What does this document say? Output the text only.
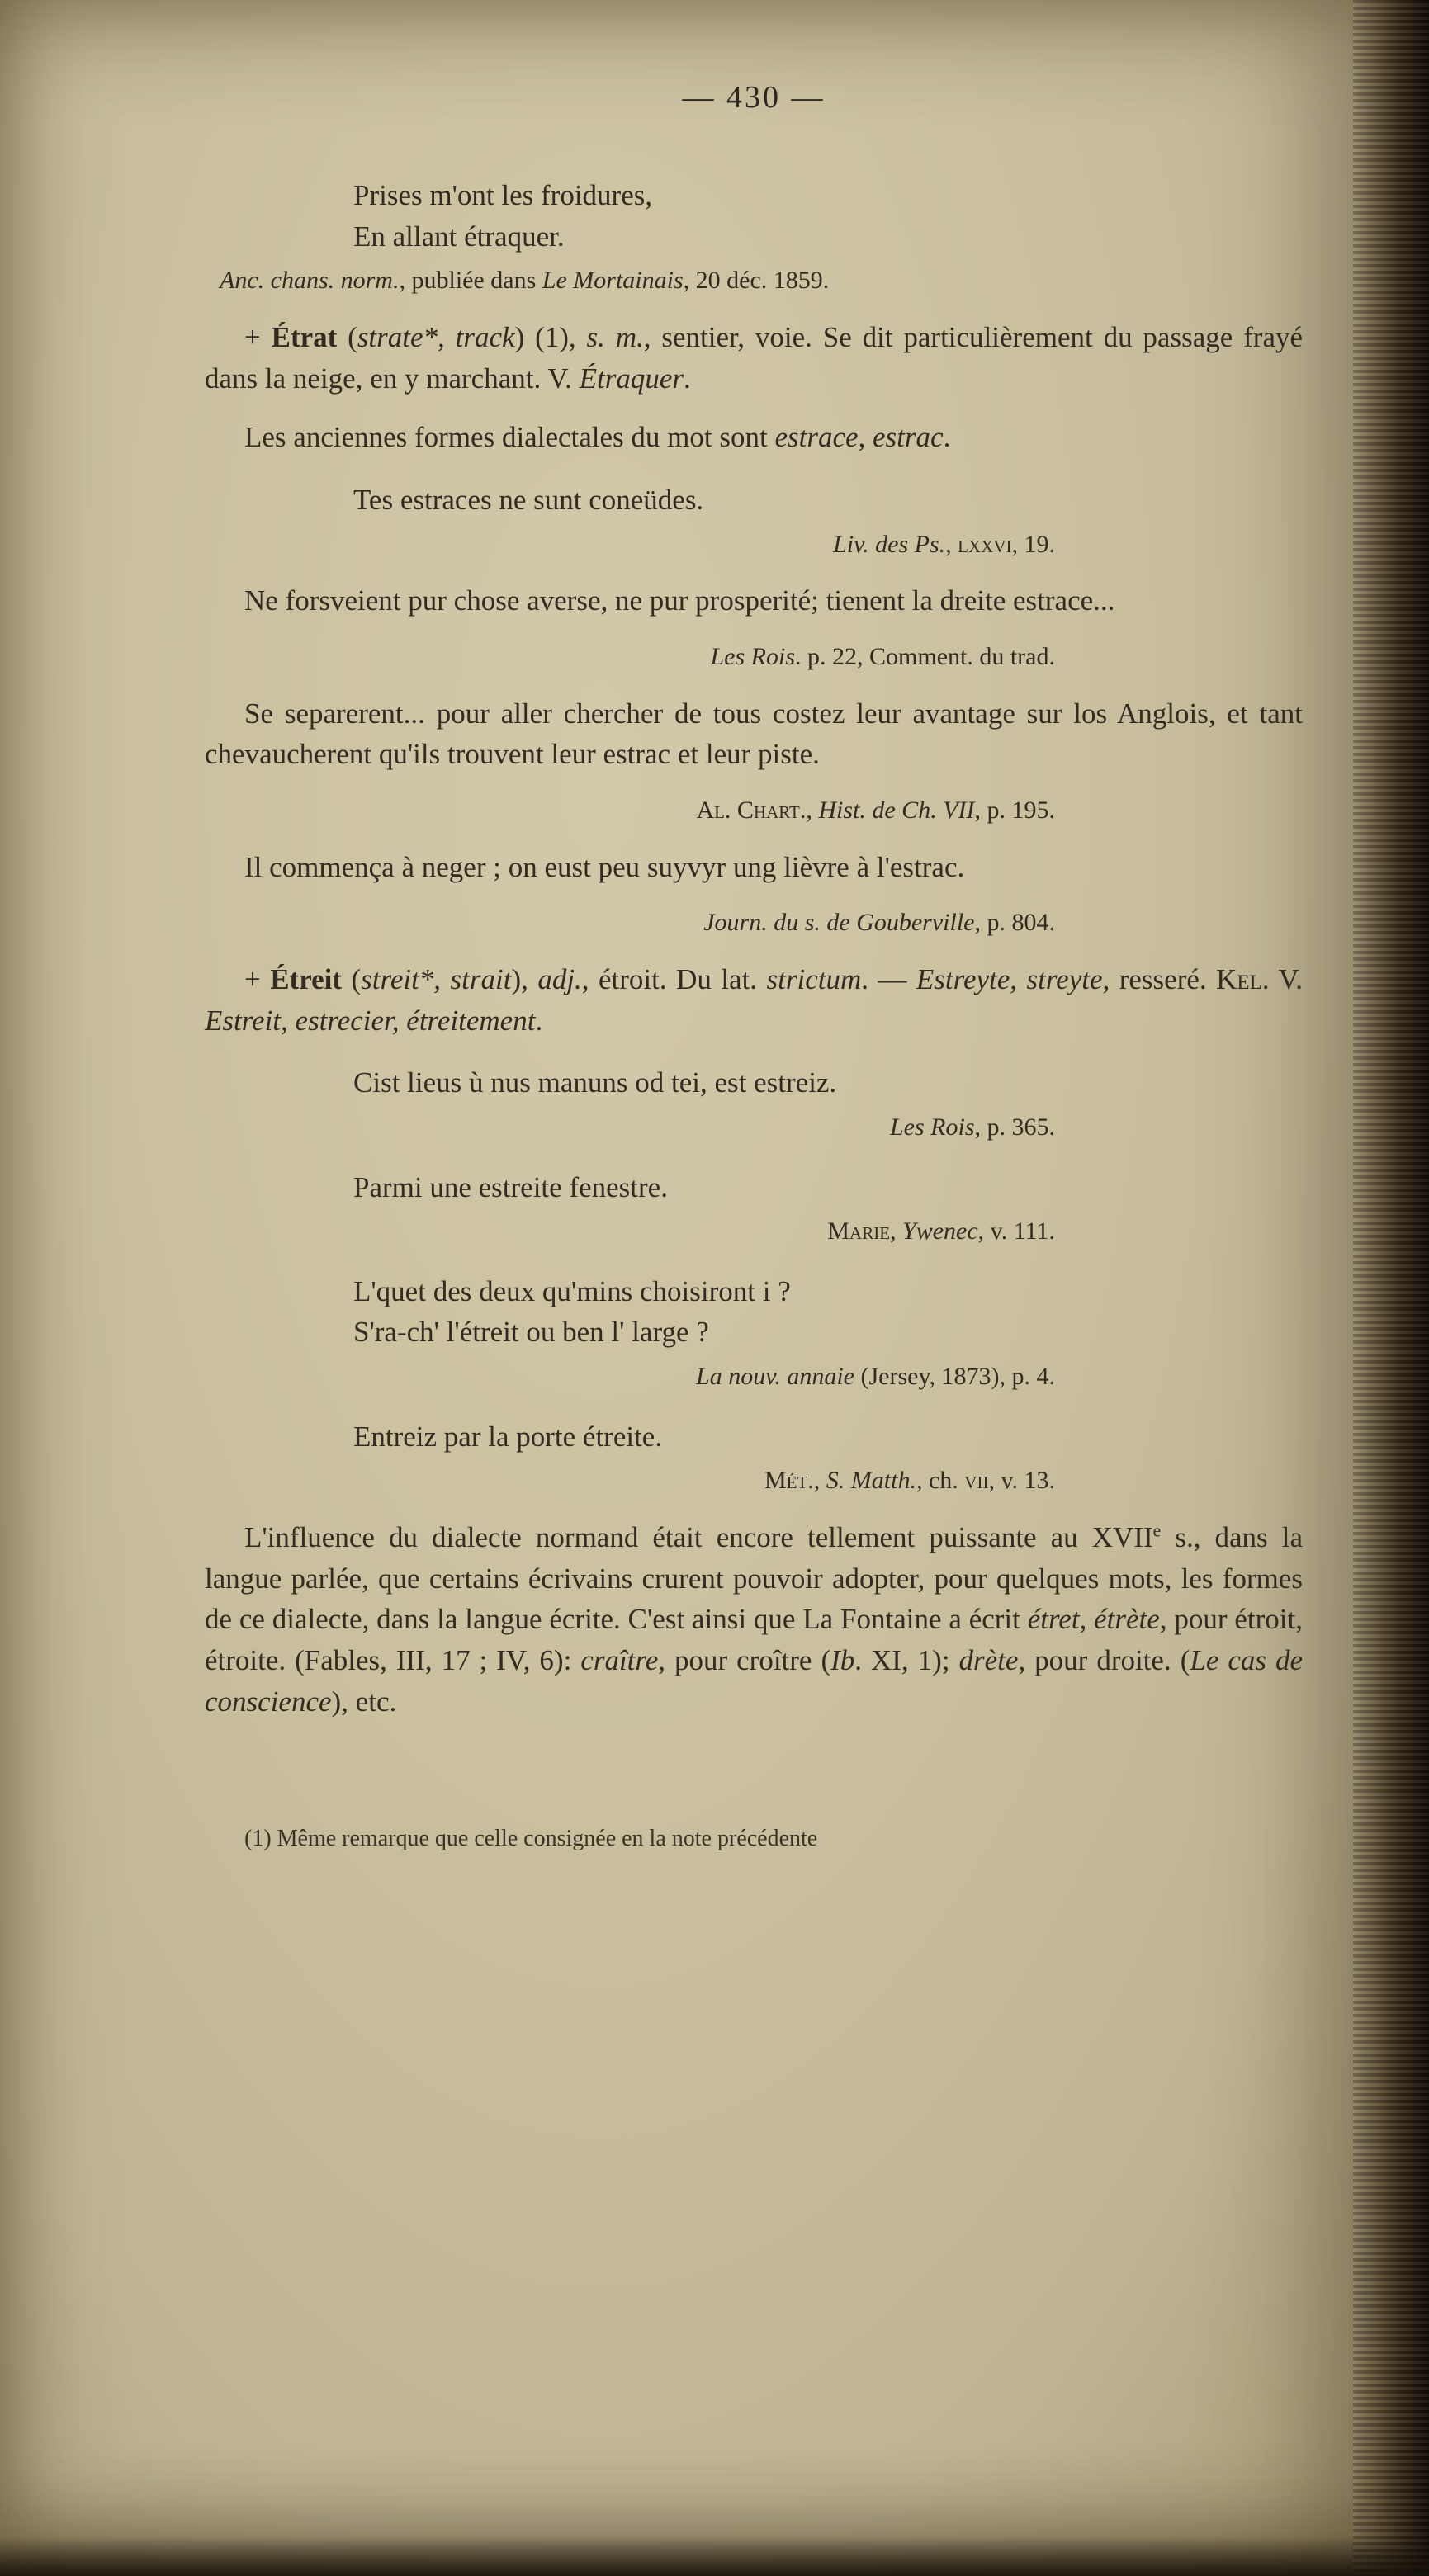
— 430 —
Prises m'ont les froidures,
En allant étraquer.
Anc. chans. norm., publiée dans Le Mortainais, 20 déc. 1859.
+ Étrat (strate*, track) (1), s. m., sentier, voie. Se dit particulièrement du passage frayé dans la neige, en y marchant. V. Étraquer.
Les anciennes formes dialectales du mot sont estrace, estrac.
Tes estraces ne sunt coneüdes.
Liv. des Ps., lxxvi, 19.
Ne forsveient pur chose averse, ne pur prosperité; tienent la dreite estrace...
Les Rois. p. 22, Comment. du trad.
Se separerent... pour aller chercher de tous costez leur avantage sur los Anglois, et tant chevaucherent qu'ils trouvent leur estrac et leur piste.
Al. Chart., Hist. de Ch. VII, p. 195.
Il commença à neger ; on eust peu suyvyr ung lièvre à l'estrac.
Journ. du s. de Gouberville, p. 804.
+ Étreit (streit*, strait), adj., étroit. Du lat. strictum. — Estreyte, streyte, resseré. Kel. V. Estreit, estrecier, étreitement.
Cist lieus ù nus manuns od tei, est estreiz.
Les Rois, p. 365.
Parmi une estreite fenestre.
Marie, Ywenec, v. 111.
L'quet des deux qu'mins choisiront i ?
S'ra-ch' l'étreit ou ben l' large ?
La nouv. annaie (Jersey, 1873), p. 4.
Entreiz par la porte étreite.
Mét., S. Matth., ch. vii, v. 13.
L'influence du dialecte normand était encore tellement puissante au XVIIe s., dans la langue parlée, que certains écrivains crurent pouvoir adopter, pour quelques mots, les formes de ce dialecte, dans la langue écrite. C'est ainsi que La Fontaine a écrit étret, étrète, pour étroit, étroite. (Fables, III, 17 ; IV, 6): craître, pour croître (Ib. XI, 1); drète, pour droite. (Le cas de conscience), etc.
(1) Même remarque que celle consignée en la note précédente
